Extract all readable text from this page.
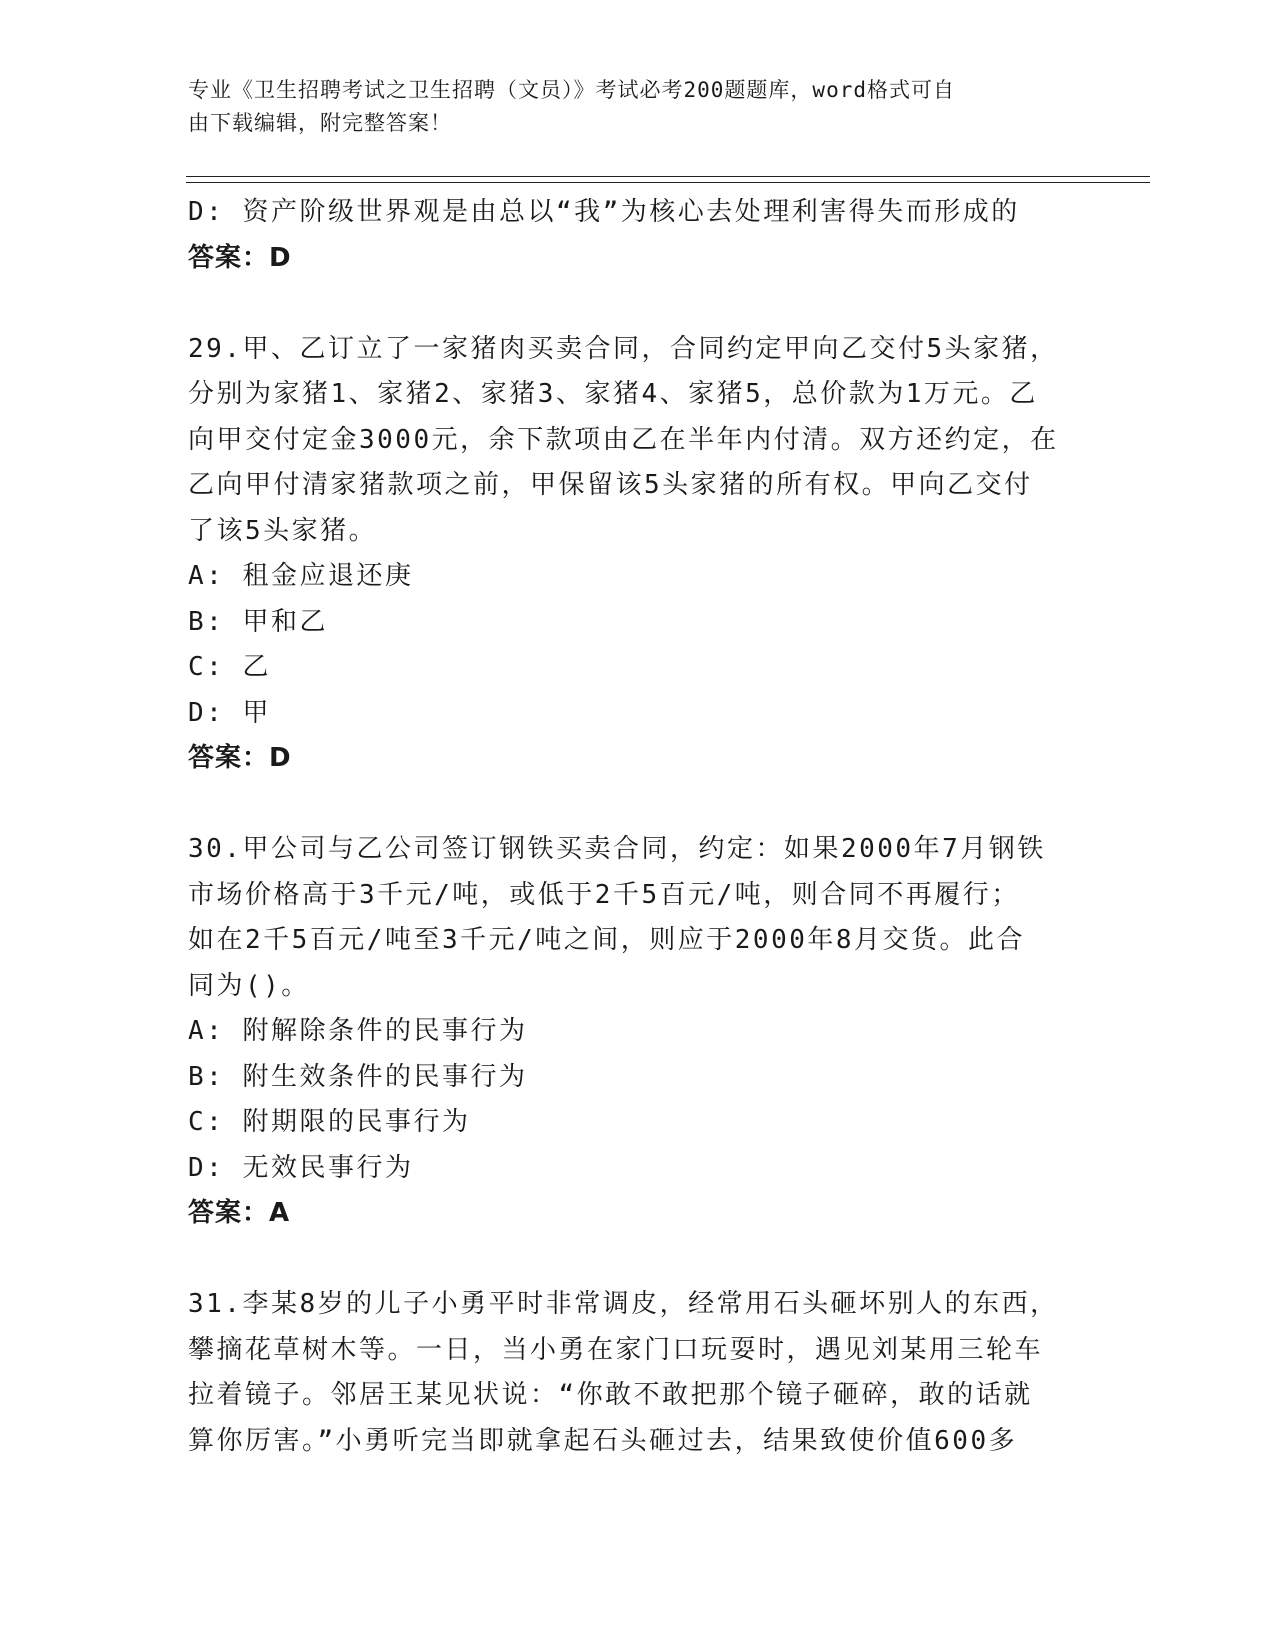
专业《卫生招聘考试之卫生招聘（文员）》考试必考200题题库，word格式可自
由下载编辑，附完整答案！
D: 资产阶级世界观是由总以“我”为核心去处理利害得失而形成的
答案：D
29.甲、乙订立了一家猪肉买卖合同，合同约定甲向乙交付5头家猪，
分别为家猪1、家猪2、家猪3、家猪4、家猪5，总价款为1万元。乙
向甲交付定金3000元，余下款项由乙在半年内付清。双方还约定，在
乙向甲付清家猪款项之前，甲保留该5头家猪的所有权。甲向乙交付
了该5头家猪。
A: 租金应退还庚
B: 甲和乙
C: 乙
D: 甲
答案：D
30.甲公司与乙公司签订钢铁买卖合同，约定：如果2000年7月钢铁
市场价格高于3千元/吨，或低于2千5百元/吨，则合同不再履行；
如在2千5百元/吨至3千元/吨之间，则应于2000年8月交货。此合
同为()。
A: 附解除条件的民事行为
B: 附生效条件的民事行为
C: 附期限的民事行为
D: 无效民事行为
答案：A
31.李某8岁的儿子小勇平时非常调皮，经常用石头砸坏别人的东西，
攀摘花草树木等。一日，当小勇在家门口玩耍时，遇见刘某用三轮车
拉着镜子。邻居王某见状说：“你敢不敢把那个镜子砸碎，敢的话就
算你厉害。”小勇听完当即就拿起石头砸过去，结果致使价值600多
